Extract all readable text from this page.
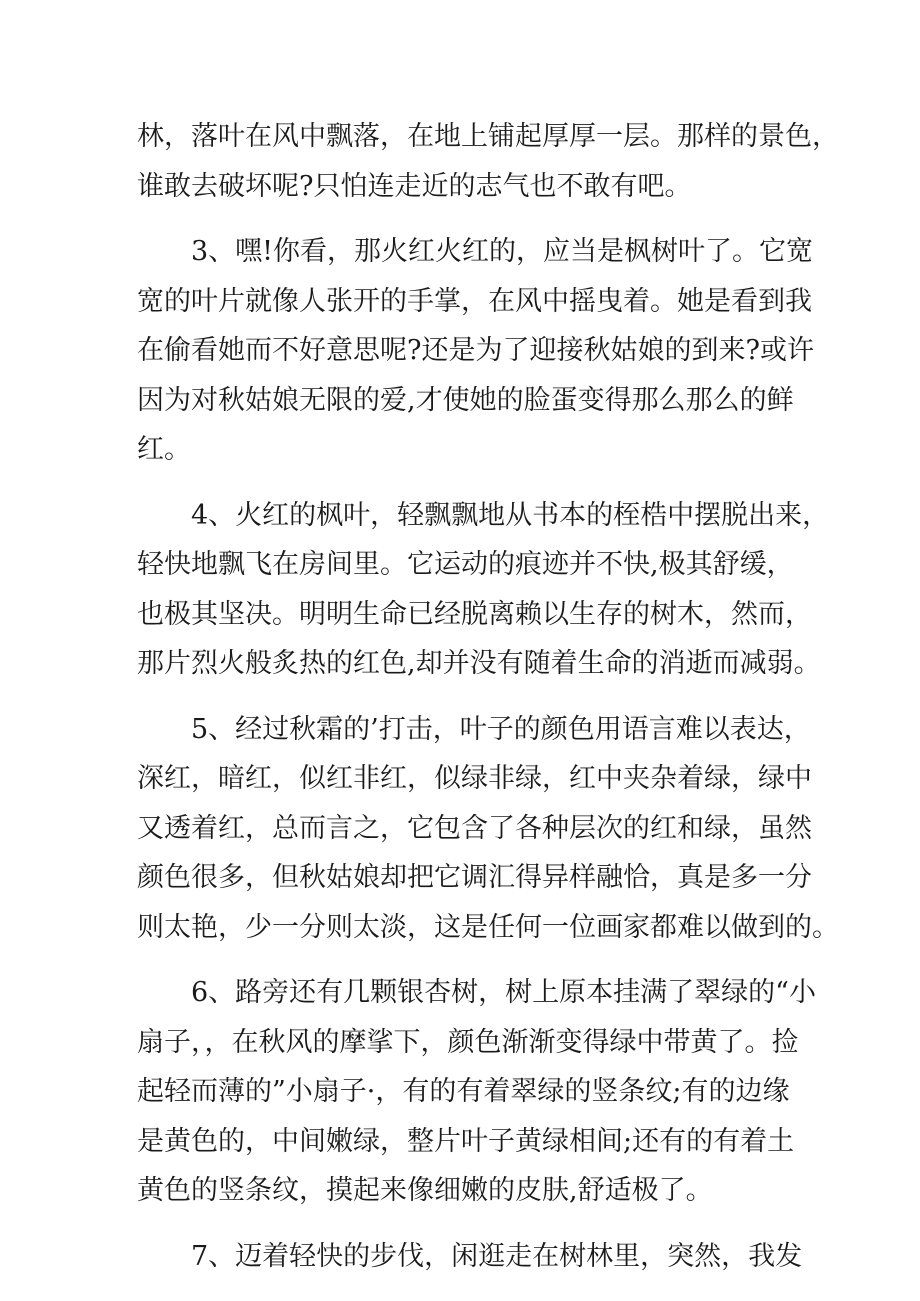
林，落叶在风中飘落，在地上铺起厚厚一层。那样的景色，
谁敢去破坏呢?只怕连走近的志气也不敢有吧。
3、嘿!你看，那火红火红的，应当是枫树叶了。它宽
宽的叶片就像人张开的手掌，在风中摇曳着。她是看到我
在偷看她而不好意思呢?还是为了迎接秋姑娘的到来?或许
因为对秋姑娘无限的爱,才使她的脸蛋变得那么那么的鲜
红。
4、火红的枫叶，轻飘飘地从书本的桎梏中摆脱出来，
轻快地飘飞在房间里。它运动的痕迹并不快,极其舒缓，
也极其坚决。明明生命已经脱离赖以生存的树木，然而，
那片烈火般炙热的红色,却并没有随着生命的消逝而减弱。
5、经过秋霜的’打击，叶子的颜色用语言难以表达，
深红，暗红，似红非红，似绿非绿，红中夹杂着绿，绿中
又透着红，总而言之，它包含了各种层次的红和绿，虽然
颜色很多，但秋姑娘却把它调汇得异样融恰，真是多一分
则太艳，少一分则太淡，这是任何一位画家都难以做到的。
6、路旁还有几颗银杏树，树上原本挂满了翠绿的“小
扇子，，在秋风的摩挲下，颜色渐渐变得绿中带黄了。捡
起轻而薄的”小扇子·，有的有着翠绿的竖条纹;有的边缘
是黄色的，中间嫩绿，整片叶子黄绿相间;还有的有着土
黄色的竖条纹，摸起来像细嫩的皮肤,舒适极了。
7、迈着轻快的步伐，闲逛走在树林里，突然，我发
